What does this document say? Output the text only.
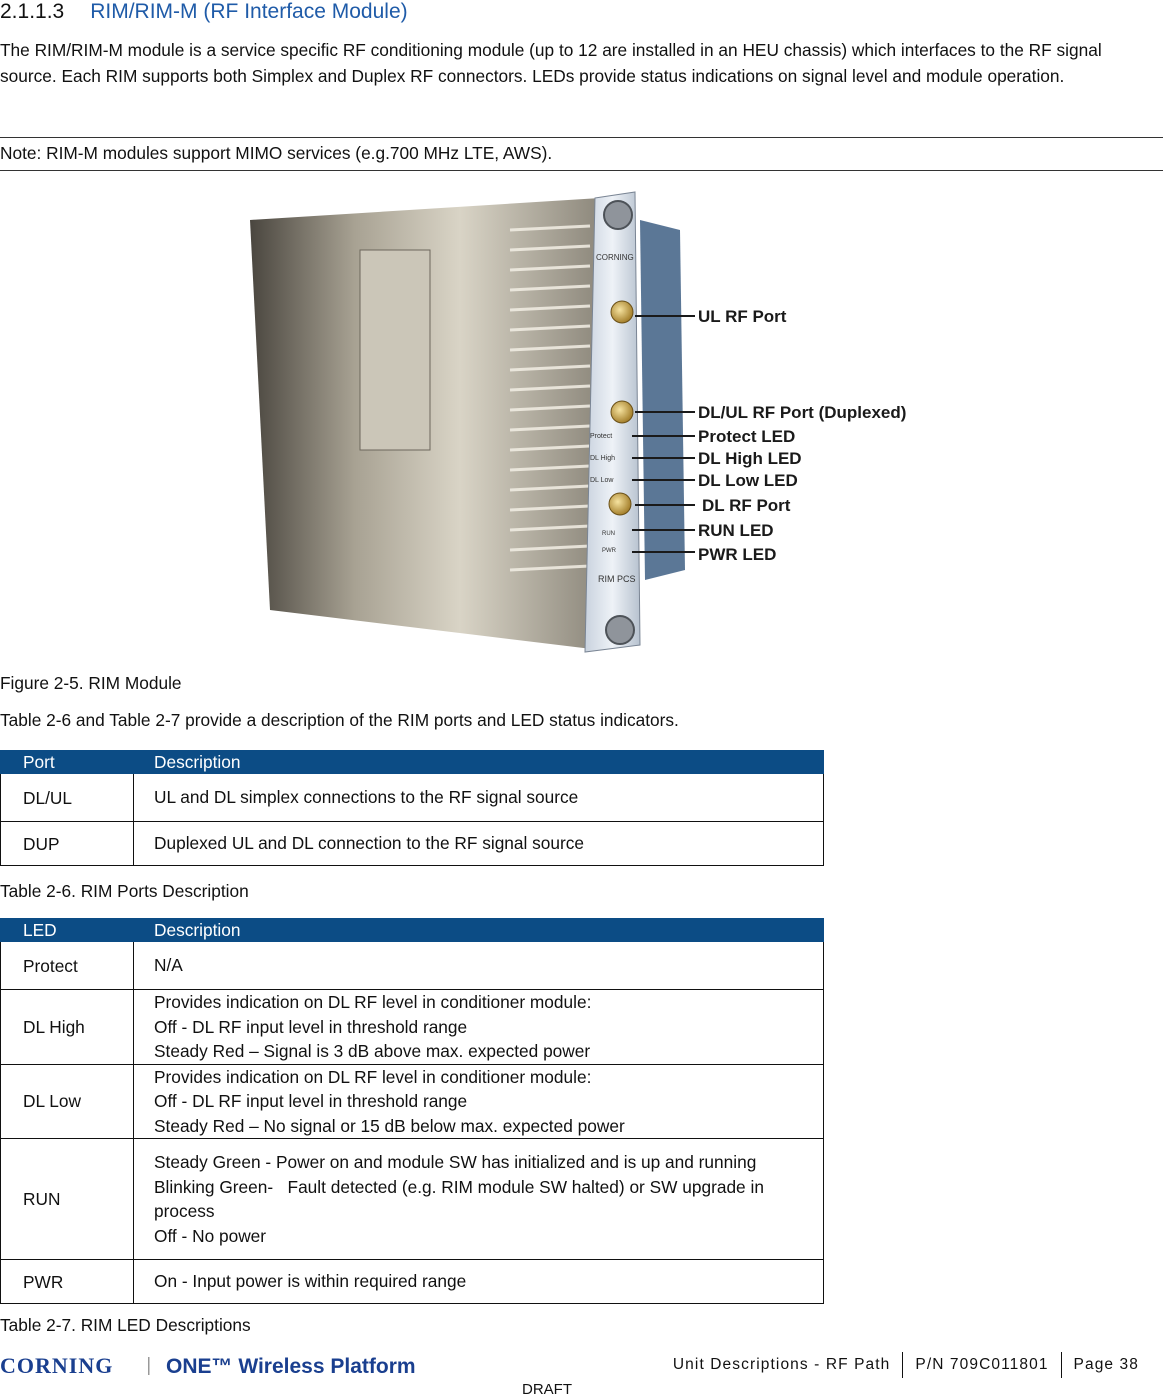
2.1.1.3 RIM/RIM-M (RF Interface Module)
The RIM/RIM-M module is a service specific RF conditioning module (up to 12 are installed in an HEU chassis) which interfaces to the RF signal source. Each RIM supports both Simplex and Duplex RF connectors. LEDs provide status indications on signal level and module operation.
Note: RIM-M modules support MIMO services (e.g.700 MHz LTE, AWS).
CORNING
Protect
DL High
DL Low
RUN
PWR
RIM PCS
UL RF Port
DL/UL RF Port (Duplexed)
Protect LED
DL High LED
DL Low LED
DL RF Port
RUN LED
PWR LED
Figure 2-5. RIM Module
Table 2-6 and Table 2-7 provide a description of the RIM ports and LED status indicators.
Port	Description
DL/UL	UL and DL simplex connections to the RF signal source
DUP	Duplexed UL and DL connection to the RF signal source
Table 2-6. RIM Ports Description
LED	Description
Protect	N/A

DL High	Provides indication on DL RF level in conditioner module:
Off - DL RF input level in threshold range
Steady Red – Signal is 3 dB above max. expected power

DL Low	Provides indication on DL RF level in conditioner module:
Off - DL RF input level in threshold range
Steady Red – No signal or 15 dB below max. expected power

RUN	Steady Green - Power on and module SW has initialized and is up and running
Blinking Green-   Fault detected (e.g. RIM module SW halted) or SW upgrade in process
Off - No power

PWR	On - Input power is within required range
Table 2-7. RIM LED Descriptions
CORNING	ONE™ Wireless Platform	Unit Descriptions - RF Path	P/N 709C011801	Page 38
DRAFT
